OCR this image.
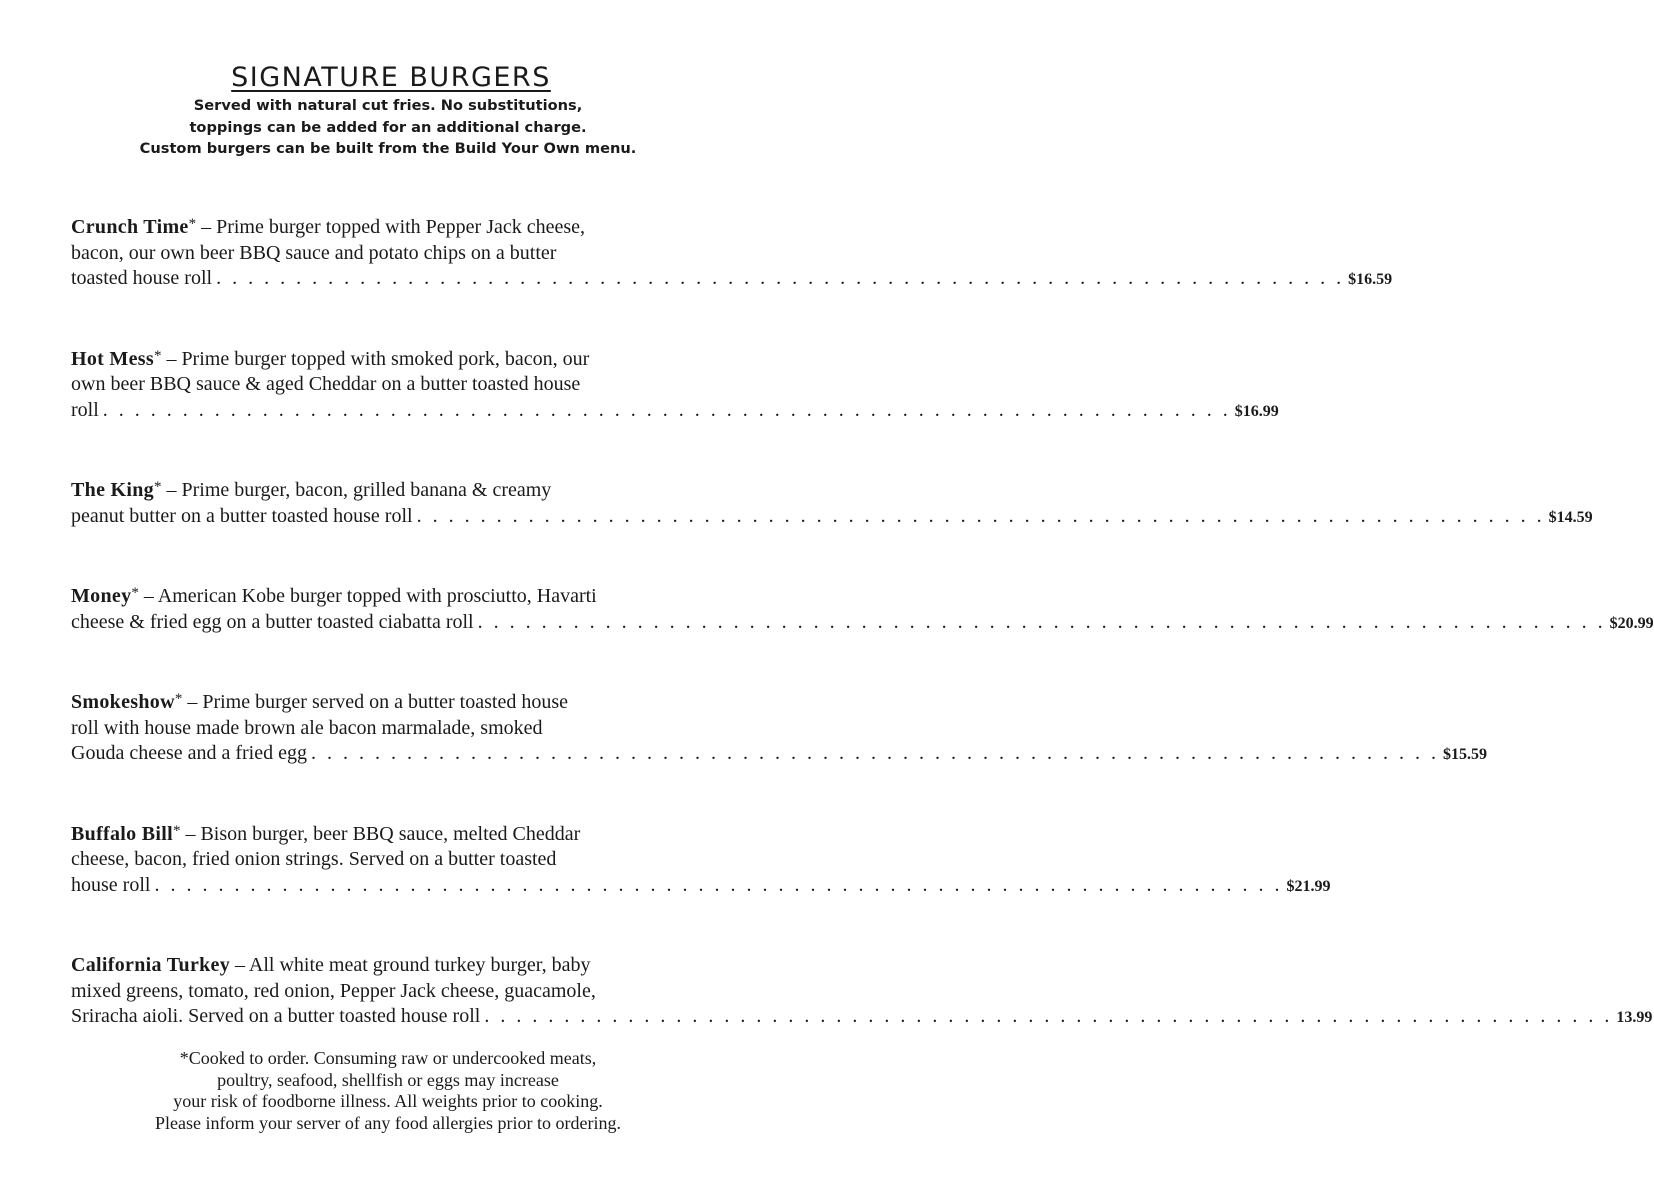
SIGNATURE BURGERS
Served with natural cut fries. No substitutions,
toppings can be added for an additional charge.
Custom burgers can be built from the Build Your Own menu.
Crunch Time* – Prime burger topped with Pepper Jack cheese,
bacon, our own beer BBQ sauce and potato chips on a butter
toasted house roll . . . . . . . . . . . . . . . . . . . . . . . . . . . . . . . . . . . . . . . . . . . . . . . . . . . . . . . . . . . . . . . . . . . . . . . $16.59
Hot Mess* – Prime burger topped with smoked pork, bacon, our
own beer BBQ sauce & aged Cheddar on a butter toasted house
roll . . . . . . . . . . . . . . . . . . . . . . . . . . . . . . . . . . . . . . . . . . . . . . . . . . . . . . . . . . . . . . . . . . . . . . . $16.99
The King* – Prime burger, bacon, grilled banana & creamy
peanut butter on a butter toasted house roll . . . . . . . . . . . . . . . . . . . . . . . . . . . . . . . . . . . . . . . . . . . . . . . . . . . . . . . . . . . . . . . . . . . . . . . $14.59
Money* – American Kobe burger topped with prosciutto, Havarti
cheese & fried egg on a butter toasted ciabatta roll . . . . . . . . . . . . . . . . . . . . . . . . . . . . . . . . . . . . . . . . . . . . . . . . . . . . . . . . . . . . . . . . . . . . . . . $20.99
Smokeshow* – Prime burger served on a butter toasted house
roll with house made brown ale bacon marmalade, smoked
Gouda cheese and a fried egg . . . . . . . . . . . . . . . . . . . . . . . . . . . . . . . . . . . . . . . . . . . . . . . . . . . . . . . . . . . . . . . . . . . . . . . $15.59
Buffalo Bill* – Bison burger, beer BBQ sauce, melted Cheddar
cheese, bacon, fried onion strings. Served on a butter toasted
house roll . . . . . . . . . . . . . . . . . . . . . . . . . . . . . . . . . . . . . . . . . . . . . . . . . . . . . . . . . . . . . . . . . . . . . . . $21.99
California Turkey – All white meat ground turkey burger, baby
mixed greens, tomato, red onion, Pepper Jack cheese, guacamole,
Sriracha aioli. Served on a butter toasted house roll . . . . . . . . . . . . . . . . . . . . . . . . . . . . . . . . . . . . . . . . . . . . . . . . . . . . . . . . . . . . . . . . . . . . . . . 13.99
*Cooked to order. Consuming raw or undercooked meats,
poultry, seafood, shellfish or eggs may increase
your risk of foodborne illness. All weights prior to cooking.
Please inform your server of any food allergies prior to ordering.
